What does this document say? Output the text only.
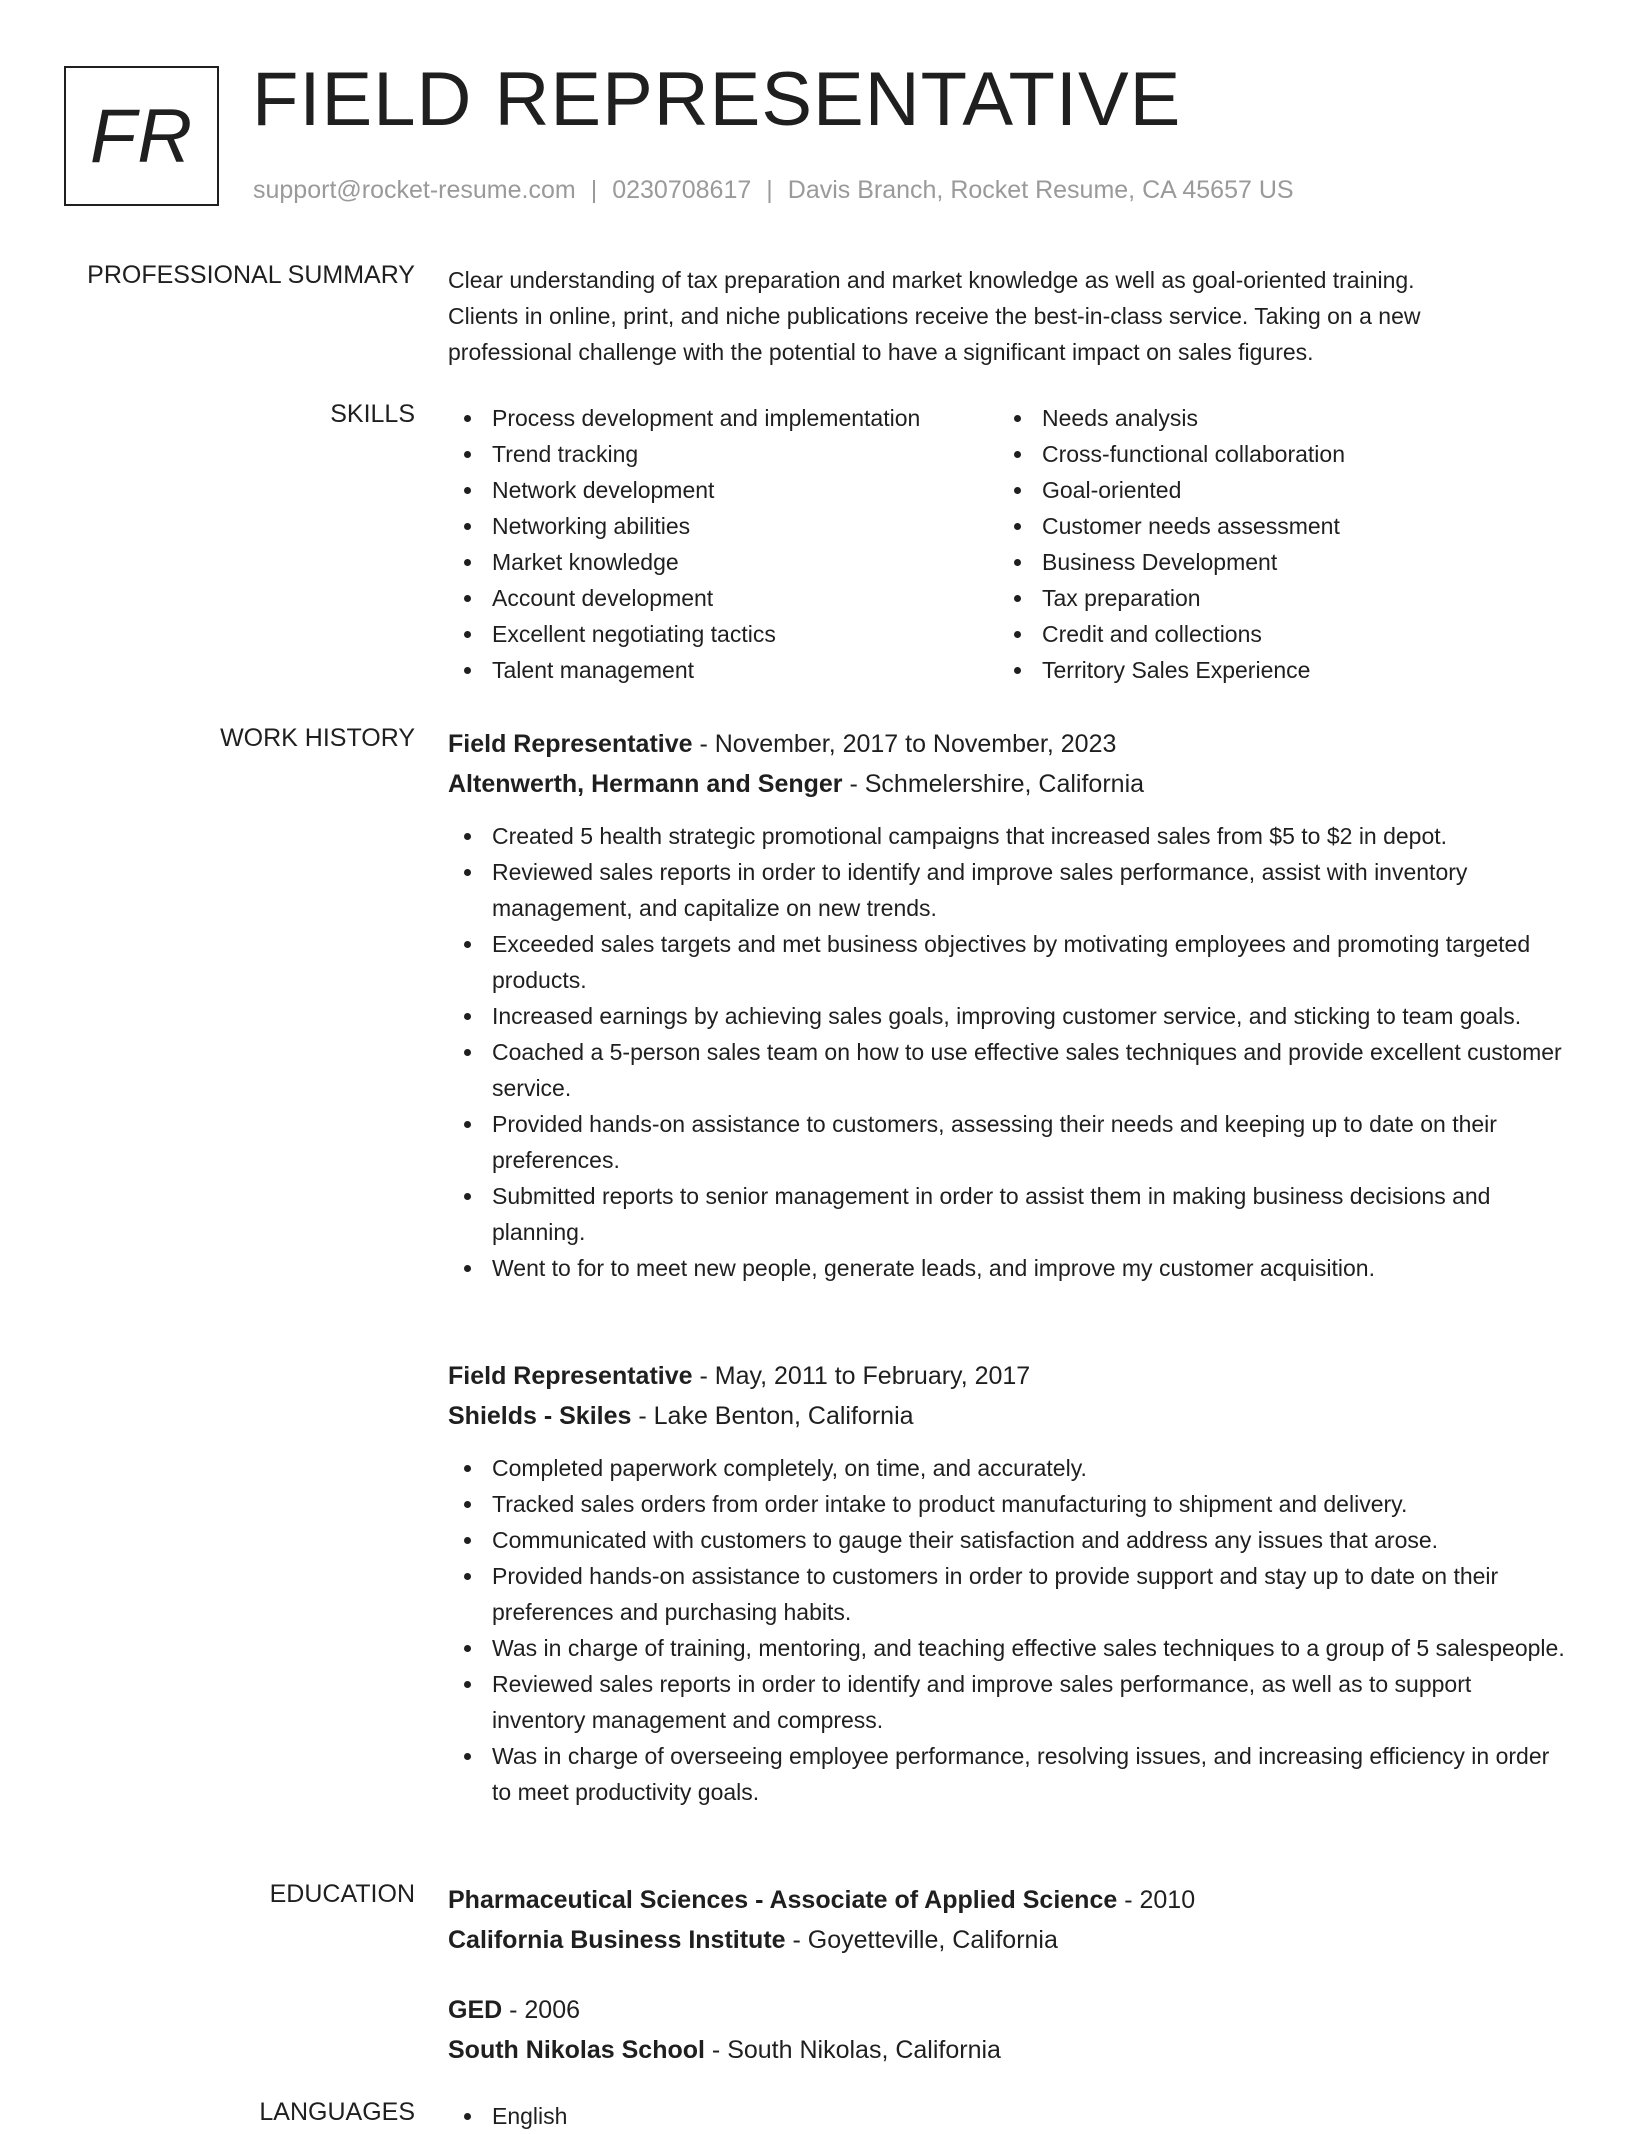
FR FIELD REPRESENTATIVE
support@rocket-resume.com | 0230708617 | Davis Branch, Rocket Resume, CA 45657 US
PROFESSIONAL SUMMARY Clear understanding of tax preparation and market knowledge as well as goal-oriented training.
Clients in online, print, and niche publications receive the best-in-class service. Taking on a new
professional challenge with the potential to have a significant impact on sales figures.

SKILLS	Process development and implementation
Trend tracking
Network development
Networking abilities
Market knowledge
Account development
Excellent negotiating tactics
Talent management
Needs analysis
Cross-functional collaboration
Goal-oriented
Customer needs assessment
Business Development
Tax preparation
Credit and collections
Territory Sales Experience
WORK HISTORY Field Representative - November, 2017 to November, 2023
Altenwerth, Hermann and Senger - Schmelershire, California
Created 5 health strategic promotional campaigns that increased sales from $5 to $2 in depot.
Reviewed sales reports in order to identify and improve sales performance, assist with inventory management, and capitalize on new trends.
Exceeded sales targets and met business objectives by motivating employees and promoting targeted products.
Increased earnings by achieving sales goals, improving customer service, and sticking to team goals.
Coached a 5-person sales team on how to use effective sales techniques and provide excellent customer service.
Provided hands-on assistance to customers, assessing their needs and keeping up to date on their preferences.
Submitted reports to senior management in order to assist them in making business decisions and planning.
Went to for to meet new people, generate leads, and improve my customer acquisition.
Field Representative - May, 2011 to February, 2017
Shields - Skiles - Lake Benton, California
Completed paperwork completely, on time, and accurately.
Tracked sales orders from order intake to product manufacturing to shipment and delivery.
Communicated with customers to gauge their satisfaction and address any issues that arose.
Provided hands-on assistance to customers in order to provide support and stay up to date on their preferences and purchasing habits.
Was in charge of training, mentoring, and teaching effective sales techniques to a group of 5 salespeople.
Reviewed sales reports in order to identify and improve sales performance, as well as to support inventory management and compress.
Was in charge of overseeing employee performance, resolving issues, and increasing efficiency in order to meet productivity goals.
EDUCATION Pharmaceutical Sciences - Associate of Applied Science - 2010
California Business Institute - Goyetteville, California
GED - 2006
South Nikolas School - South Nikolas, California
LANGUAGES	English
